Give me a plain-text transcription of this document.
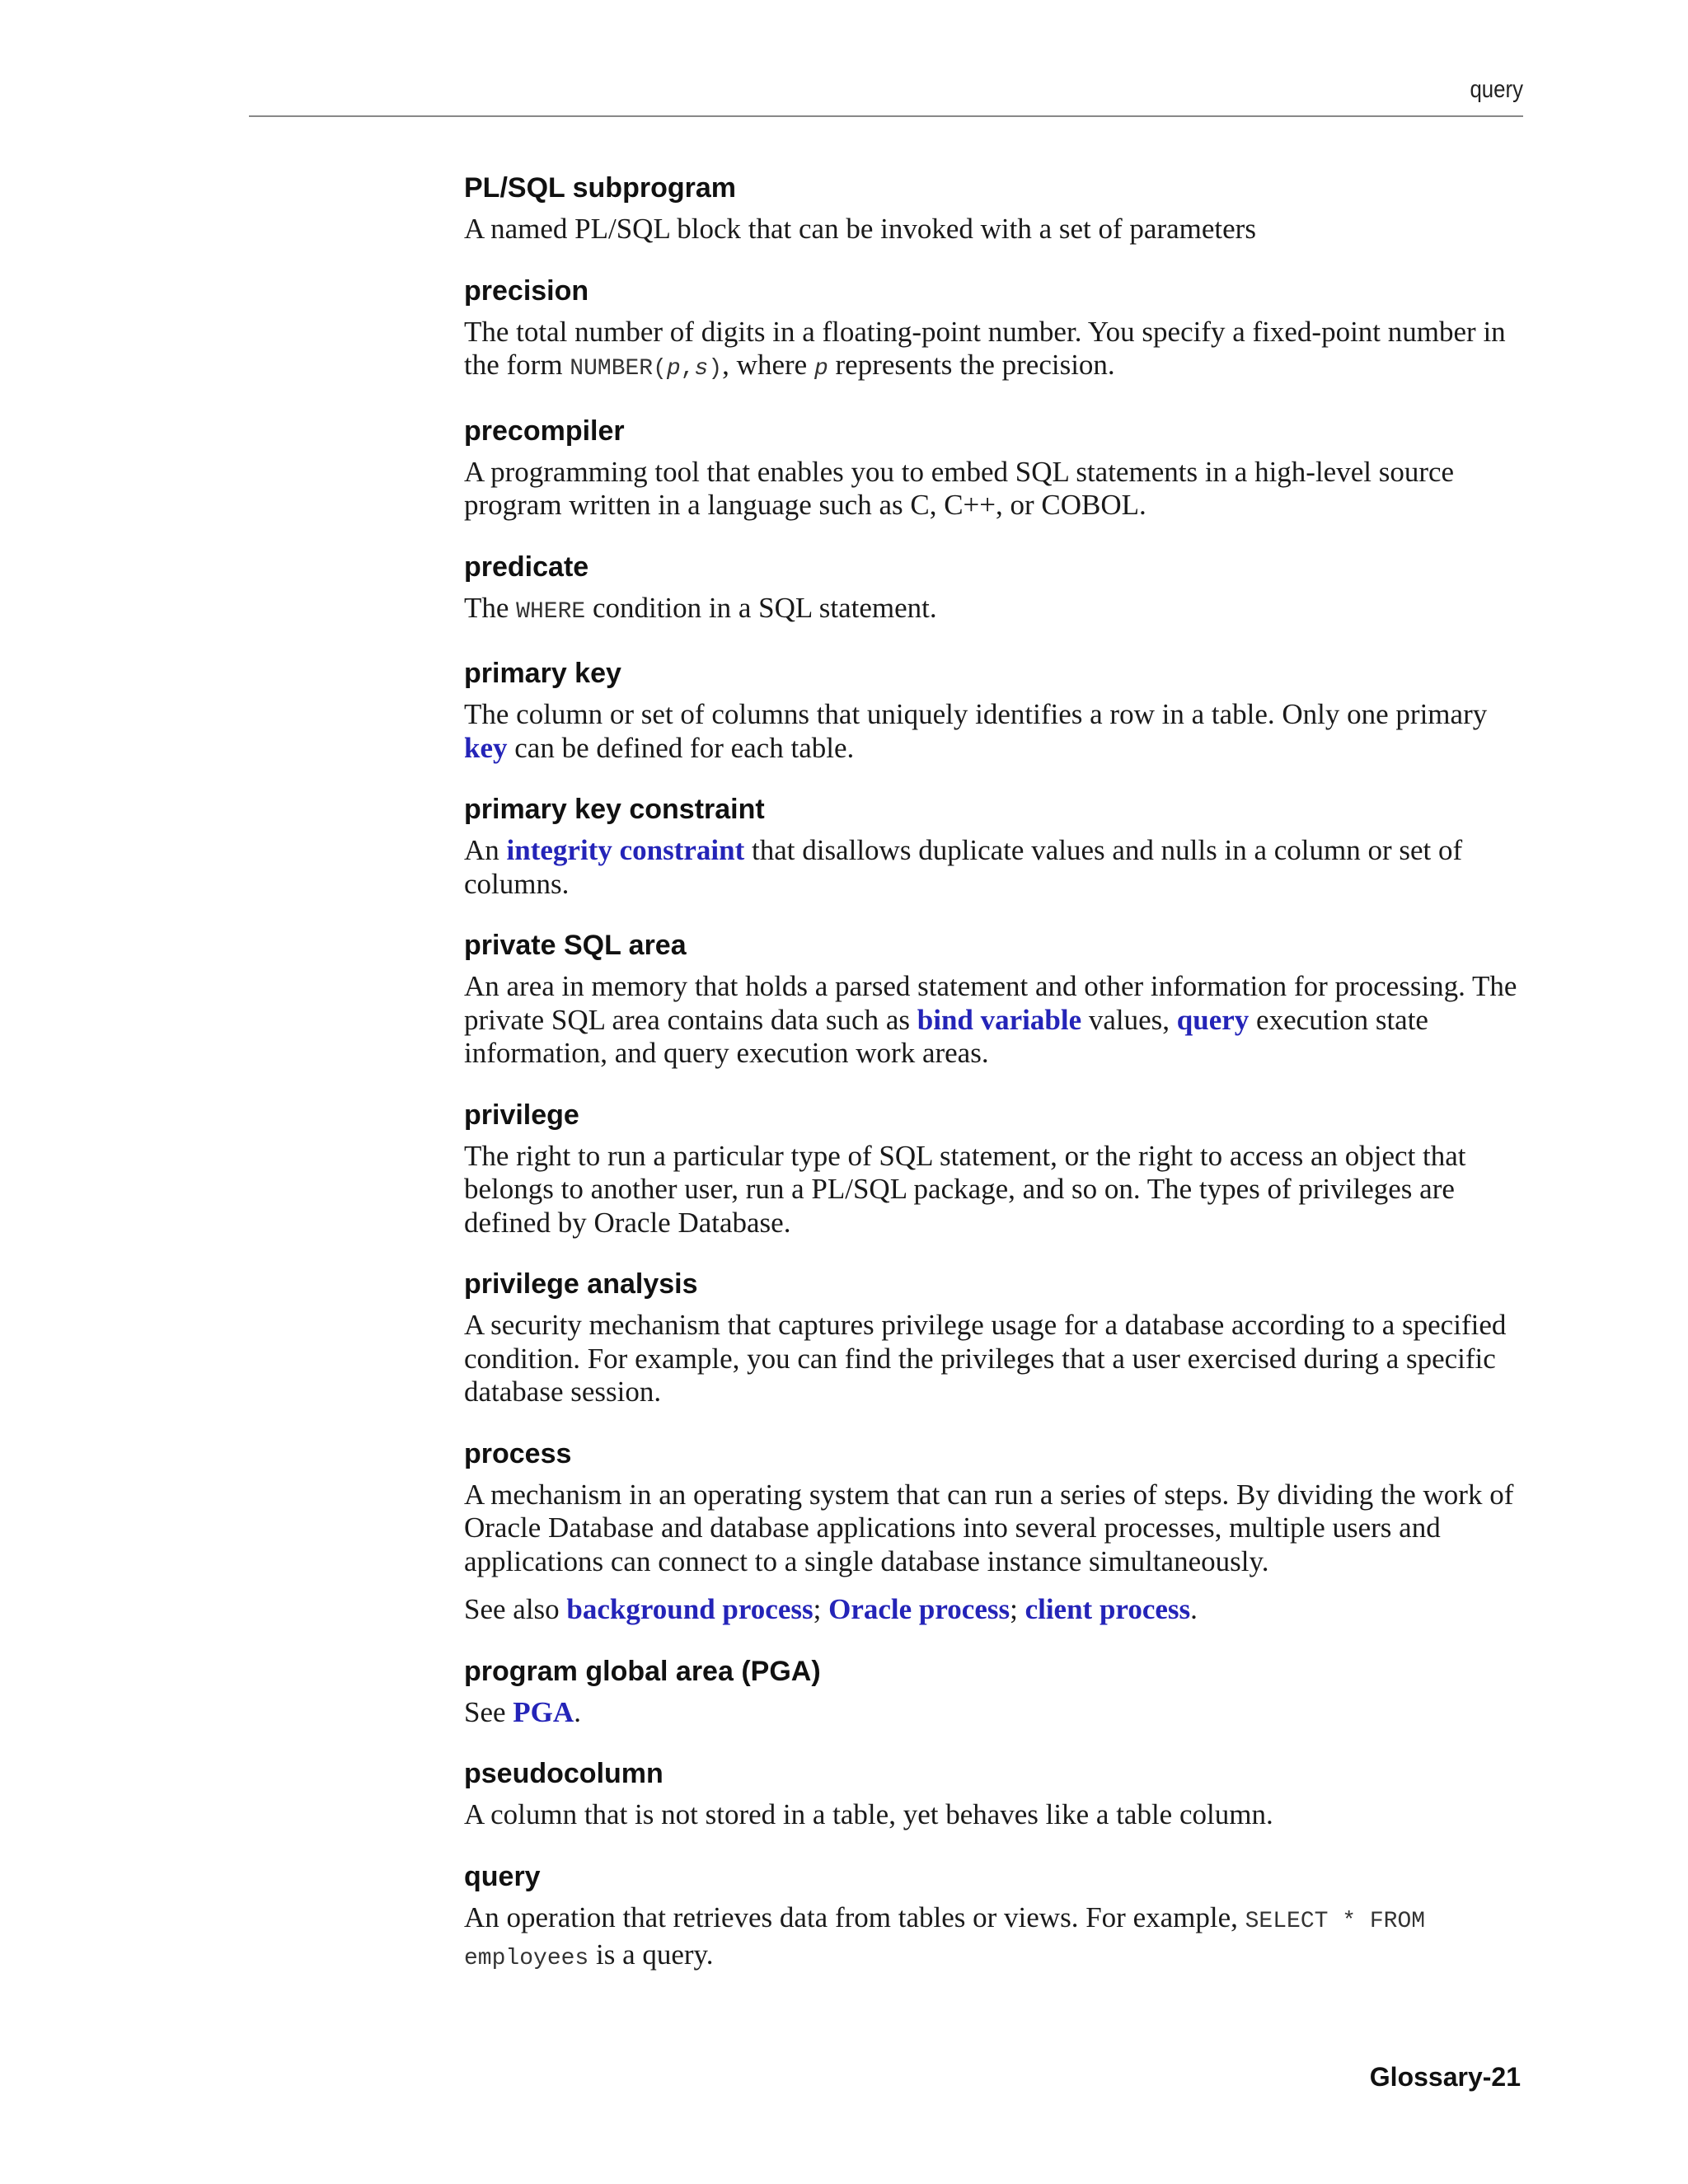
query
PL/SQL subprogram
A named PL/SQL block that can be invoked with a set of parameters
precision
The total number of digits in a floating-point number. You specify a fixed-point number in the form NUMBER(p,s), where p represents the precision.
precompiler
A programming tool that enables you to embed SQL statements in a high-level source program written in a language such as C, C++, or COBOL.
predicate
The WHERE condition in a SQL statement.
primary key
The column or set of columns that uniquely identifies a row in a table. Only one primary key can be defined for each table.
primary key constraint
An integrity constraint that disallows duplicate values and nulls in a column or set of columns.
private SQL area
An area in memory that holds a parsed statement and other information for processing. The private SQL area contains data such as bind variable values, query execution state information, and query execution work areas.
privilege
The right to run a particular type of SQL statement, or the right to access an object that belongs to another user, run a PL/SQL package, and so on. The types of privileges are defined by Oracle Database.
privilege analysis
A security mechanism that captures privilege usage for a database according to a specified condition. For example, you can find the privileges that a user exercised during a specific database session.
process
A mechanism in an operating system that can run a series of steps. By dividing the work of Oracle Database and database applications into several processes, multiple users and applications can connect to a single database instance simultaneously.
See also background process; Oracle process; client process.
program global area (PGA)
See PGA.
pseudocolumn
A column that is not stored in a table, yet behaves like a table column.
query
An operation that retrieves data from tables or views. For example, SELECT * FROM employees is a query.
Glossary-21
